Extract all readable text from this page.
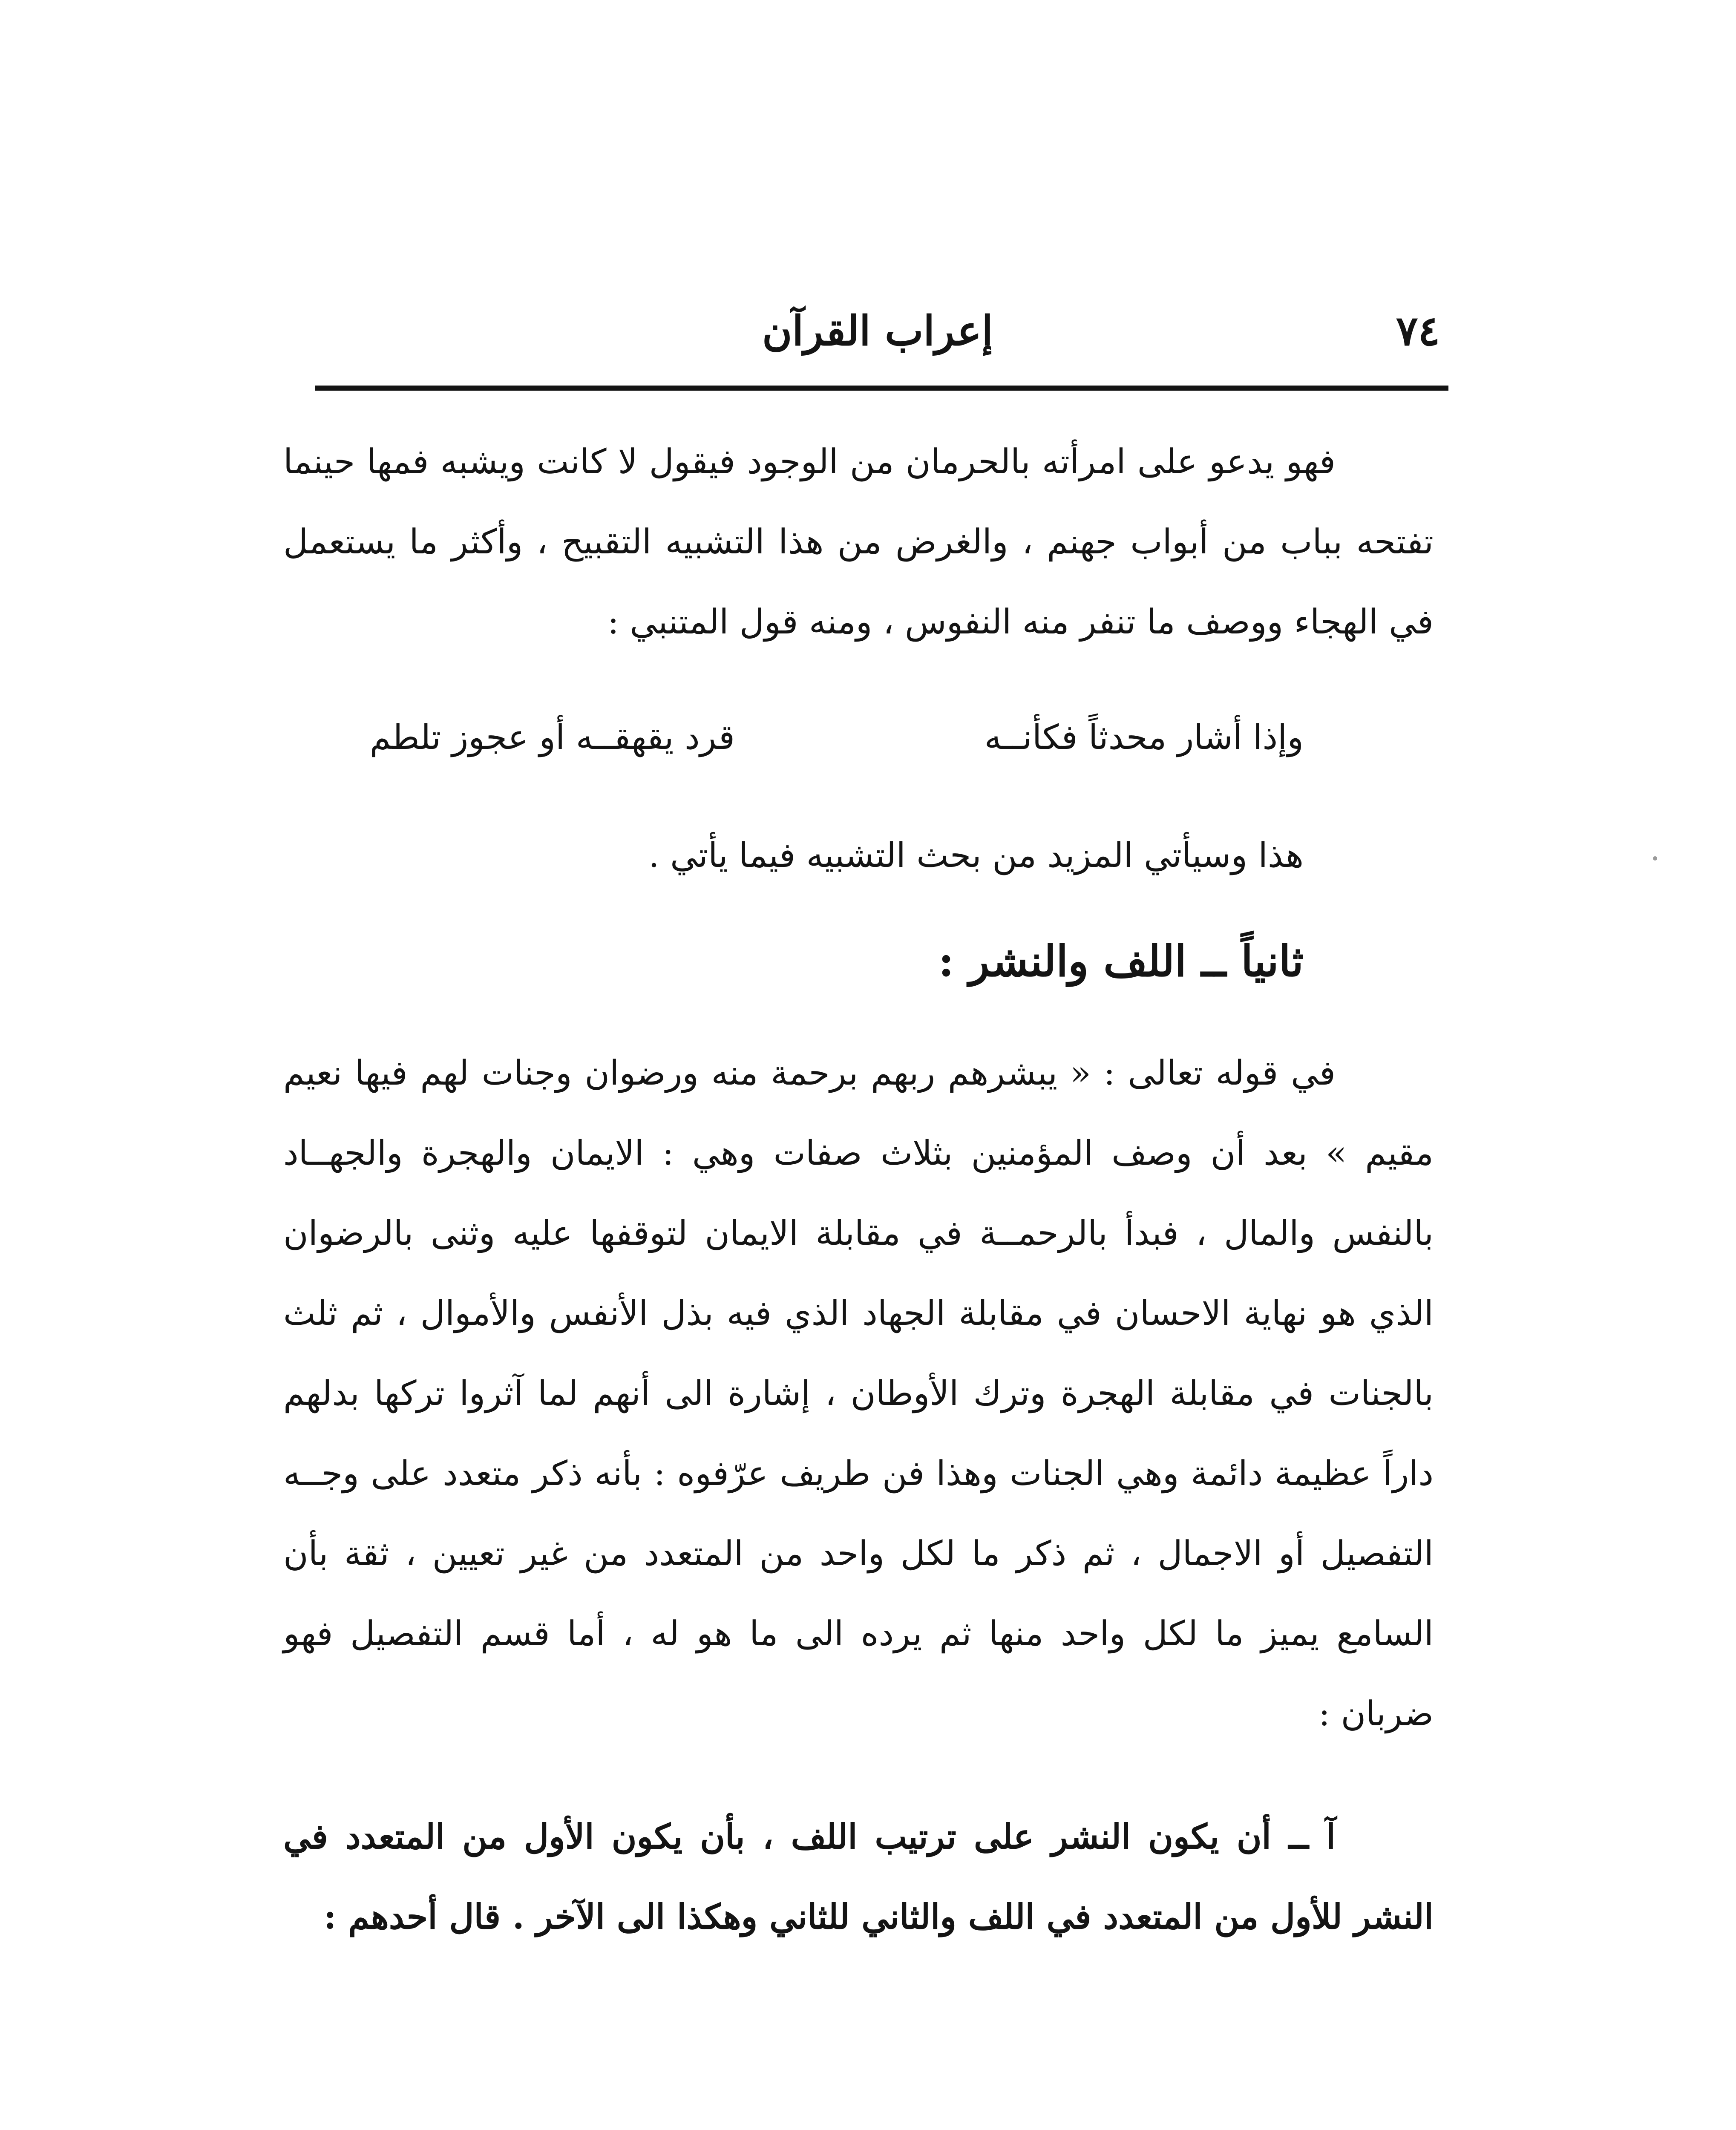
٧٤
إعراب القرآن

فهو يدعو على امرأته بالحرمان من الوجود فيقول لا كانت ويشبه فمها حينما تفتحه بباب من أبواب جهنم ، والغرض من هذا التشبيه التقبيح ، وأكثر ما يستعمل في الهجاء ووصف ما تنفر منه النفوس ، ومنه قول المتنبي :

وإذا أشار محدثاً فكأنــه
قرد يقهقــه أو عجوز تلطم

هذا وسيأتي المزيد من بحث التشبيه فيما يأتي .

ثانياً ــ اللف والنشر :

في قوله تعالى : « يبشرهم ربهم برحمة منه ورضوان وجنات لهم فيها نعيم مقيم » بعد أن وصف المؤمنين بثلاث صفات وهي : الايمان والهجرة والجهــاد بالنفس والمال ، فبدأ بالرحمــة في مقابلة الايمان لتوقفها عليه وثنى بالرضوان الذي هو نهاية الاحسان في مقابلة الجهاد الذي فيه بذل الأنفس والأموال ، ثم ثلث بالجنات في مقابلة الهجرة وترك الأوطان ، إشارة الى أنهم لما آثروا تركها بدلهم داراً عظيمة دائمة وهي الجنات وهذا فن طريف عرّفوه : بأنه ذكر متعدد على وجــه التفصيل أو الاجمال ، ثم ذكر ما لكل واحد من المتعدد من غير تعيين ، ثقة بأن السامع يميز ما لكل واحد منها ثم يرده الى ما هو له ، أما قسم التفصيل فهو ضربان :

آ ــ أن يكون النشر على ترتيب اللف ، بأن يكون الأول من المتعدد في النشر للأول من المتعدد في اللف والثاني للثاني وهكذا الى الآخر . قال أحدهم :
